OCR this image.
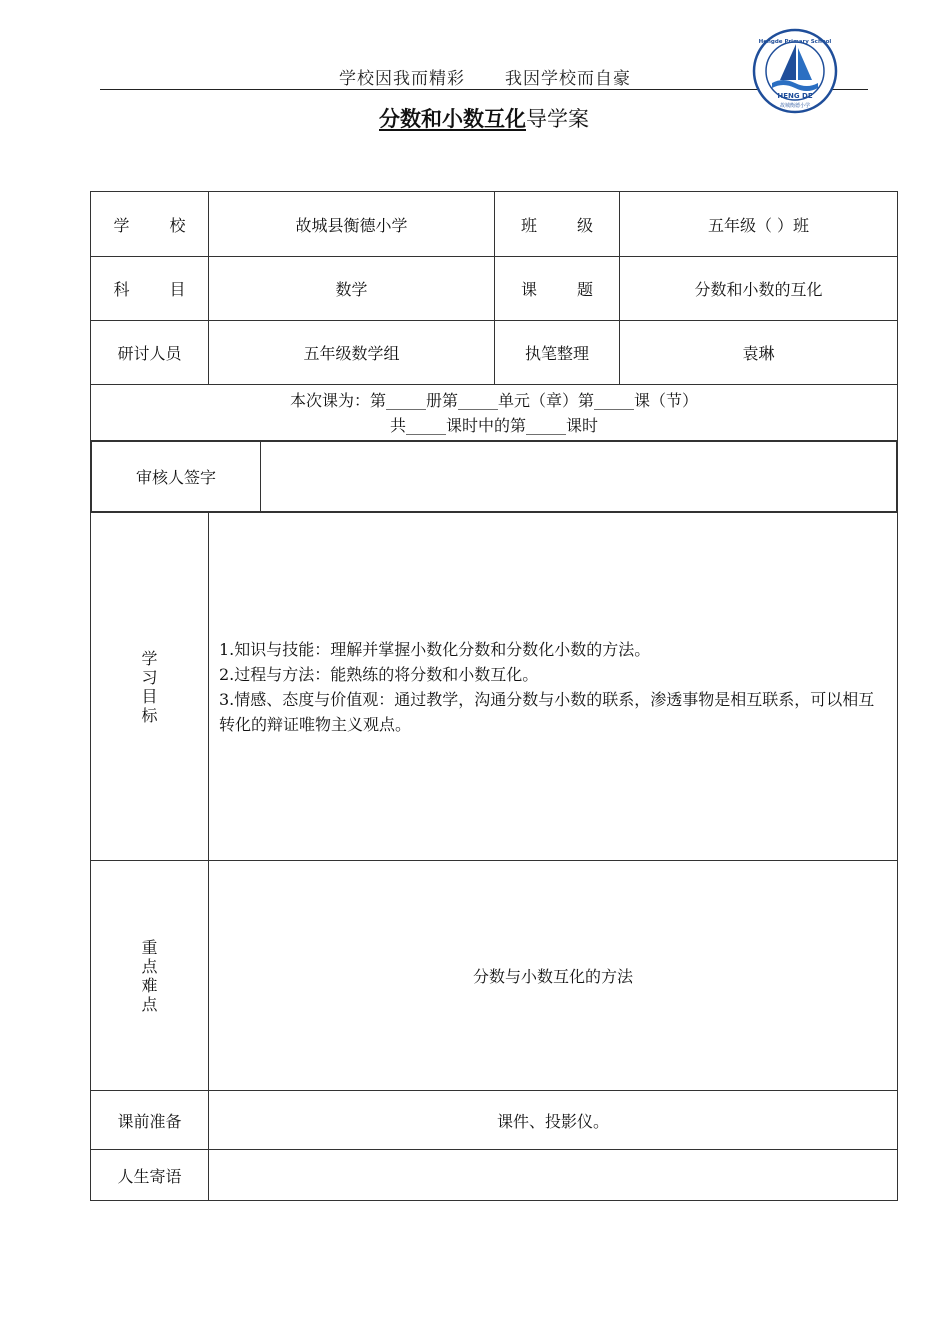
学校因我而精彩 我因学校而自豪
Hengde Primary School
HENG DE
故城衡德小学
分数和小数互化导学案
学	校	故城县衡德小学	班	级	五年级（ ）班
科	目	数学	课	题	分数和小数的互化
研讨人员	五年级数学组	执笔整理	袁琳

本次课为：第_____册第_____单元（章）第_____课（节）
共_____课时中的第_____课时

审核人签字	

学
习
目
标

1.知识与技能：理解并掌握小数化分数和分数化小数的方法。
2.过程与方法：能熟练的将分数和小数互化。
3.情感、态度与价值观：通过教学，沟通分数与小数的联系，渗透事物是相互联系，可以相互转化的辩证唯物主义观点。

重
点
难
点
	分数与小数互化的方法
课前准备	课件、投影仪。
人生寄语	
